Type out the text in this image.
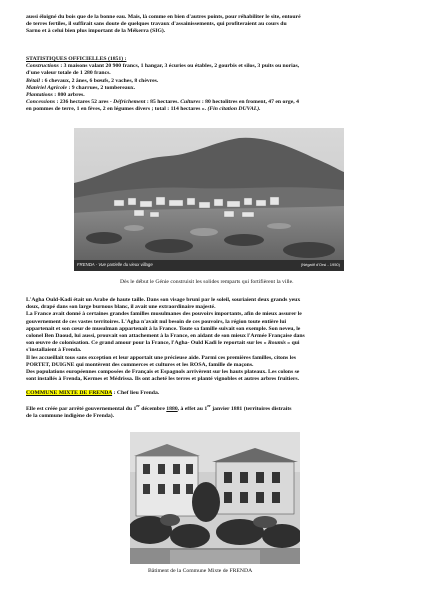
aussi éloigné du bois que de la bonne eau. Mais, là comme en bien d'autres points, pour réhabiliter le site, entouré
de terres fertiles, il suffirait sans doute de quelques travaux d'assainissements, qui profiteraient au cours du
Sarno et à celui bien plus important de la Mékerra (SIG).
STATISTIQUES OFFICIELLES (1851) :
Constructions : 3 maisons valant 20 900 francs, 1 hangar, 3 écuries ou étables, 2 gourbis et silos, 3 puits ou norias,
d'une valeur totale de 1 280 francs.
Bétail : 6 chevaux, 2 ânes, 6 bœufs, 2 vaches, 8 chèvres.
Matériel Agricole : 9 charrues, 2 tombereaux.
Plantations : 800 arbres.
Concessions : 236 hectares 52 ares - Défrichement : 85 hectares. Cultures : 80 hectolitres en froment, 47 en orge, 4
en pommes de terre, 1 en fèves, 2 en légumes divers ; total : 114 hectares ». (Fin citation DUVAL).
FRENDA - Vue partielle du vieux village	(Négatif d'Orsi - 1950)
Dès le début le Génie construisit les solides remparts qui fortifièrent la ville.
L'Agha Ould-Kadi était un Arabe de haute taille. Dans son visage bruni par le soleil, souriaient deux grands yeux
doux, drapé dans son large burnous blanc, il avait une extraordinaire majesté.
La France avait donné à certaines grandes familles musulmanes des pouvoirs importants, afin de mieux assurer le
gouvernement de ces vastes territoires. L'Agha n'avait nul besoin de ces pouvoirs, la région toute entière lui
appartenait et son cœur de musulman appartenait à la France. Toute sa famille suivait son exemple. Son neveu, le
colonel Ben Daoud, lui aussi, prouvait son attachement à la France, en aidant de son mieux l'Armée Française dans
son œuvre de colonisation. Ce grand amour pour la France, l'Agha- Ould Kadi le reportait sur les « Roumis » qui
s'installaient à Frenda.
Il les accueillait tous sans exception et leur apportait une précieuse aide. Parmi ces premières familles, citons les
PORTET, DUIGNE qui montèrent des commerces et cultures et les ROSA, famille de maçons.
Des populations européennes composées de Français et Espagnols arrivèrent sur les hauts plateaux. Les colons se
sont installés à Frenda, Kermes et Médrissa. Ils ont acheté les terres et planté vignobles et autres arbres fruitiers.
COMMUNE MIXTE DE FRENDA : Chef lieu Frenda.
Elle est créée par arrêté gouvernemental du 1er décembre 1880, à effet au 1er janvier 1881 (territoires distraits
de la commune indigène de Frenda).
Bâtiment de la Commune Mixte de FRENDA
